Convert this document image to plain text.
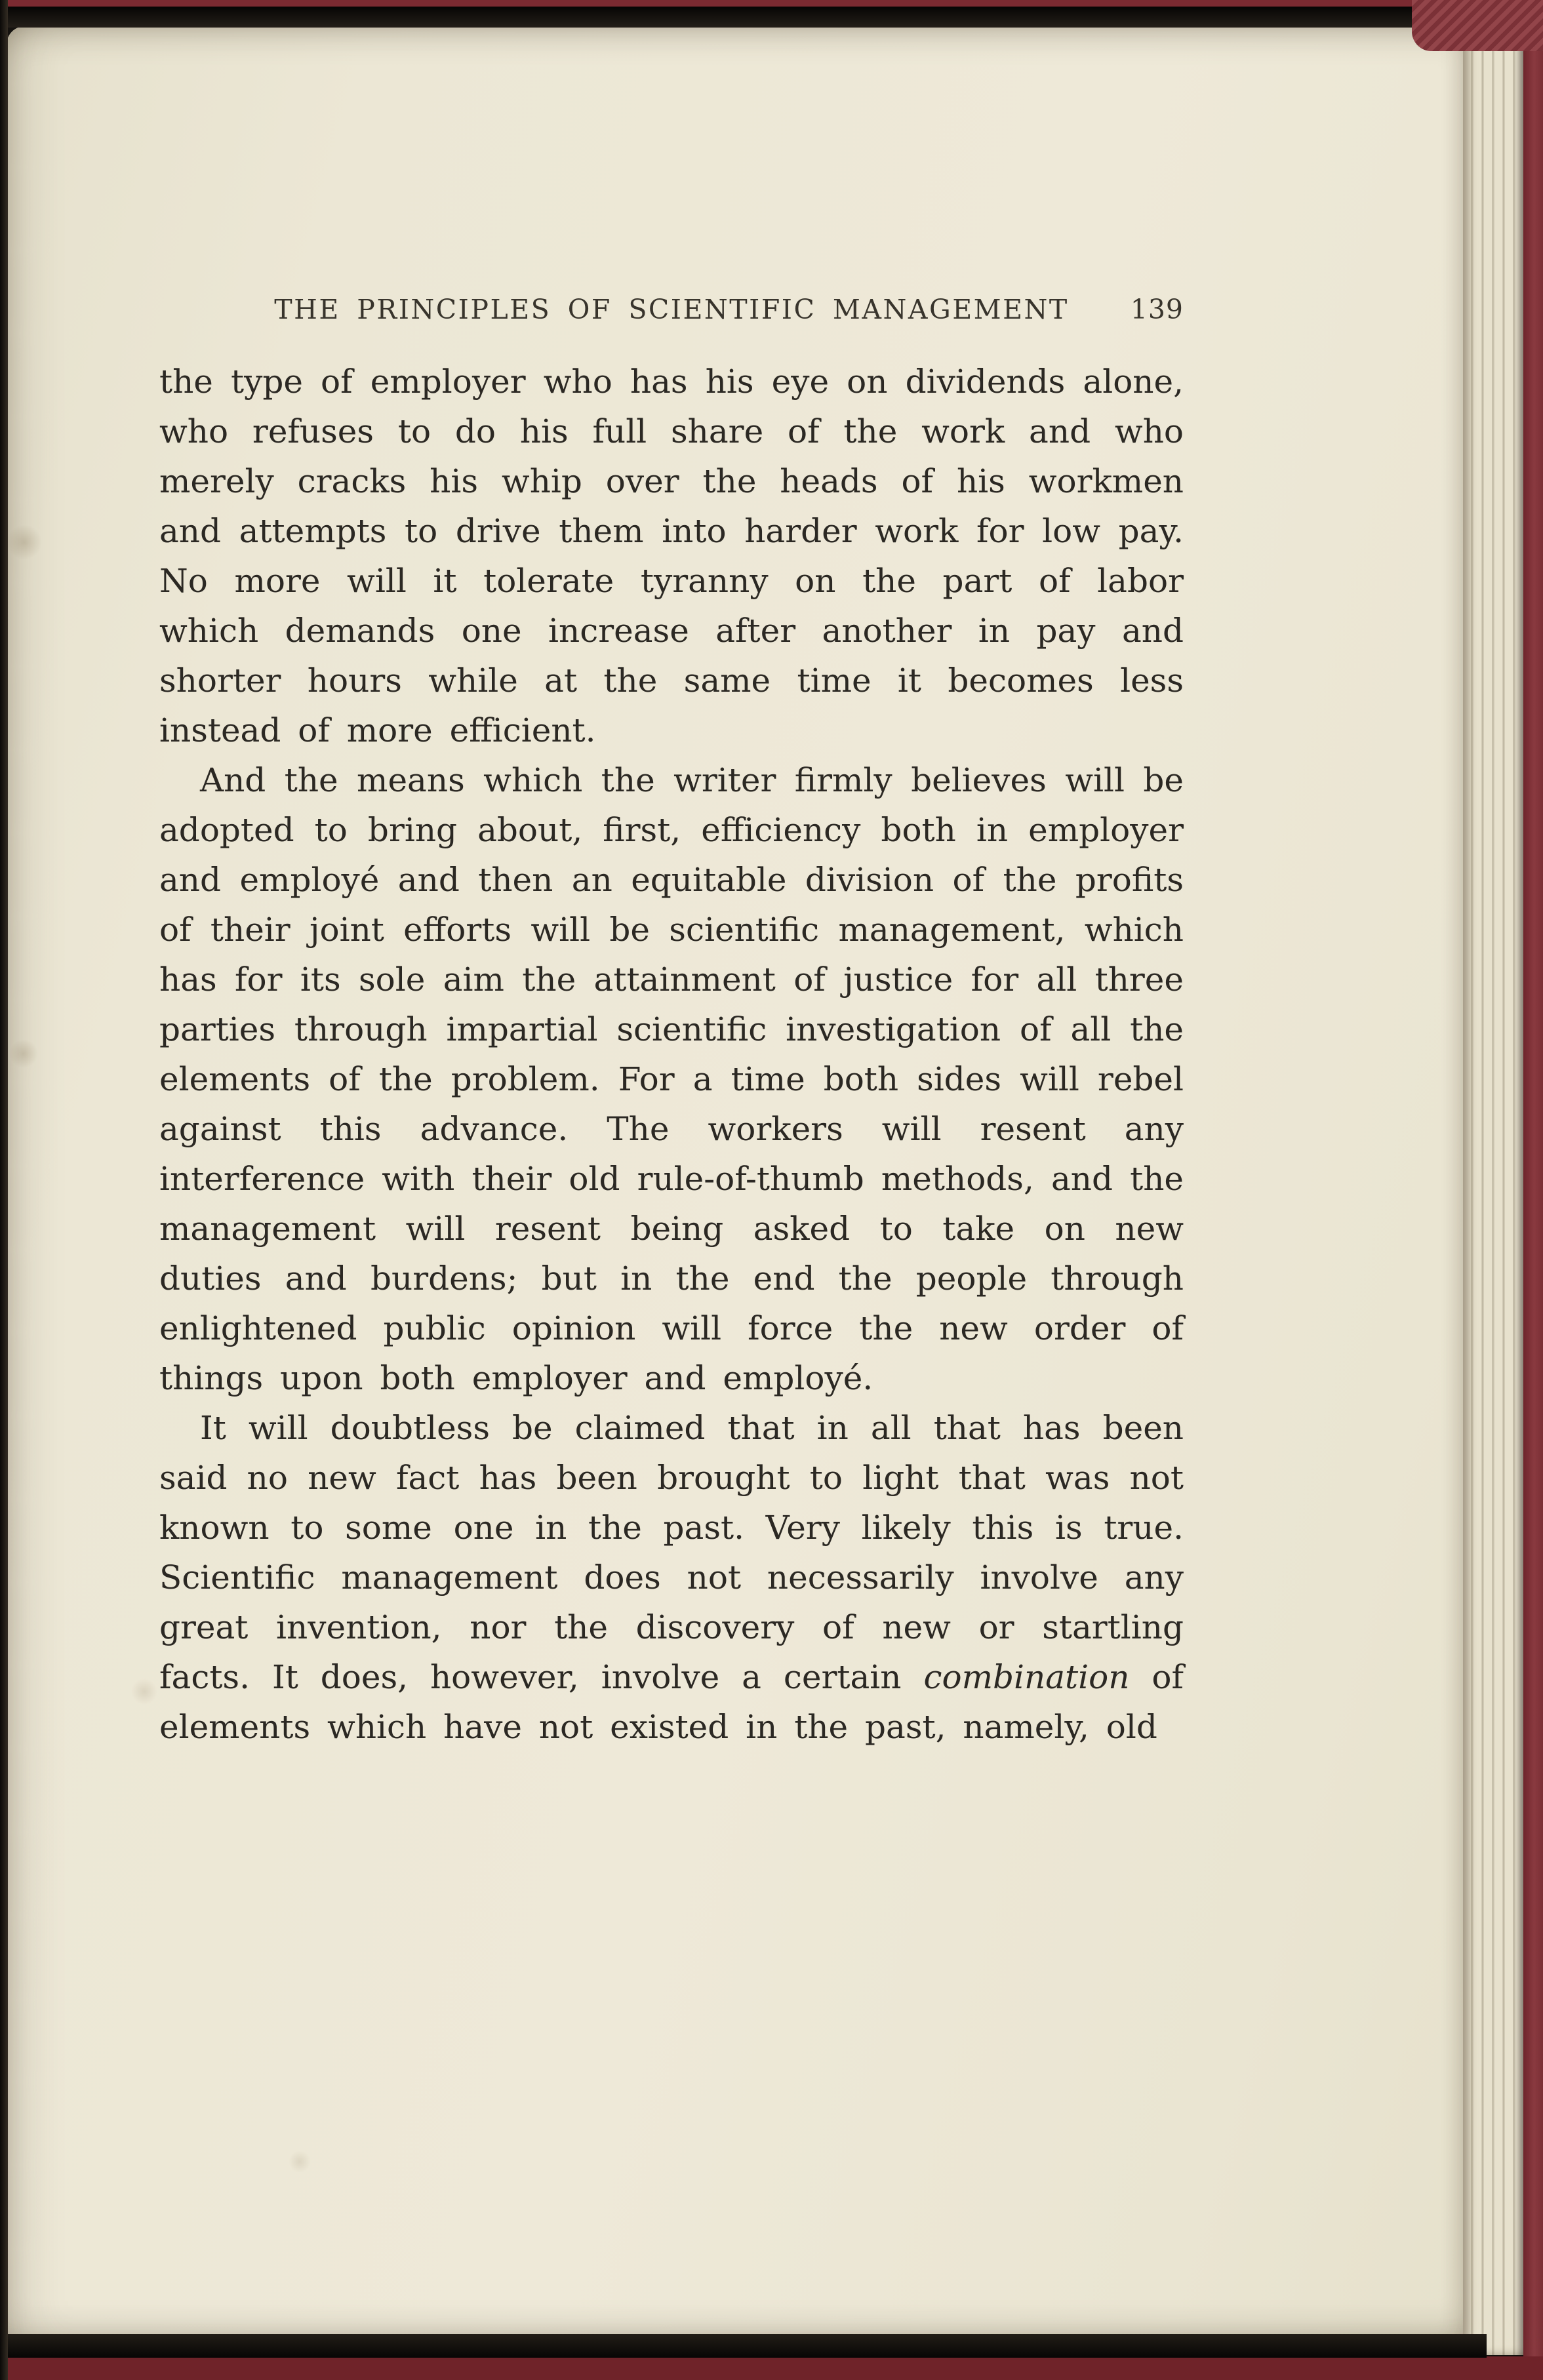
THE PRINCIPLES OF SCIENTIFIC MANAGEMENT 139

the type of employer who has his eye on dividends alone, who refuses to do his full share of the work and who merely cracks his whip over the heads of his workmen and attempts to drive them into harder work for low pay. No more will it tolerate tyranny on the part of labor which demands one increase after another in pay and shorter hours while at the same time it becomes less instead of more efficient.

And the means which the writer firmly believes will be adopted to bring about, first, efficiency both in employer and employé and then an equitable division of the profits of their joint efforts will be scientific management, which has for its sole aim the attainment of justice for all three parties through impartial scientific investigation of all the elements of the problem. For a time both sides will rebel against this advance. The workers will resent any interference with their old rule-of-thumb methods, and the management will resent being asked to take on new duties and burdens; but in the end the people through enlightened public opinion will force the new order of things upon both employer and employé.

It will doubtless be claimed that in all that has been said no new fact has been brought to light that was not known to some one in the past. Very likely this is true. Scientific management does not necessarily involve any great invention, nor the discovery of new or startling facts. It does, however, involve a certain combination of elements which have not existed in the past, namely, old
